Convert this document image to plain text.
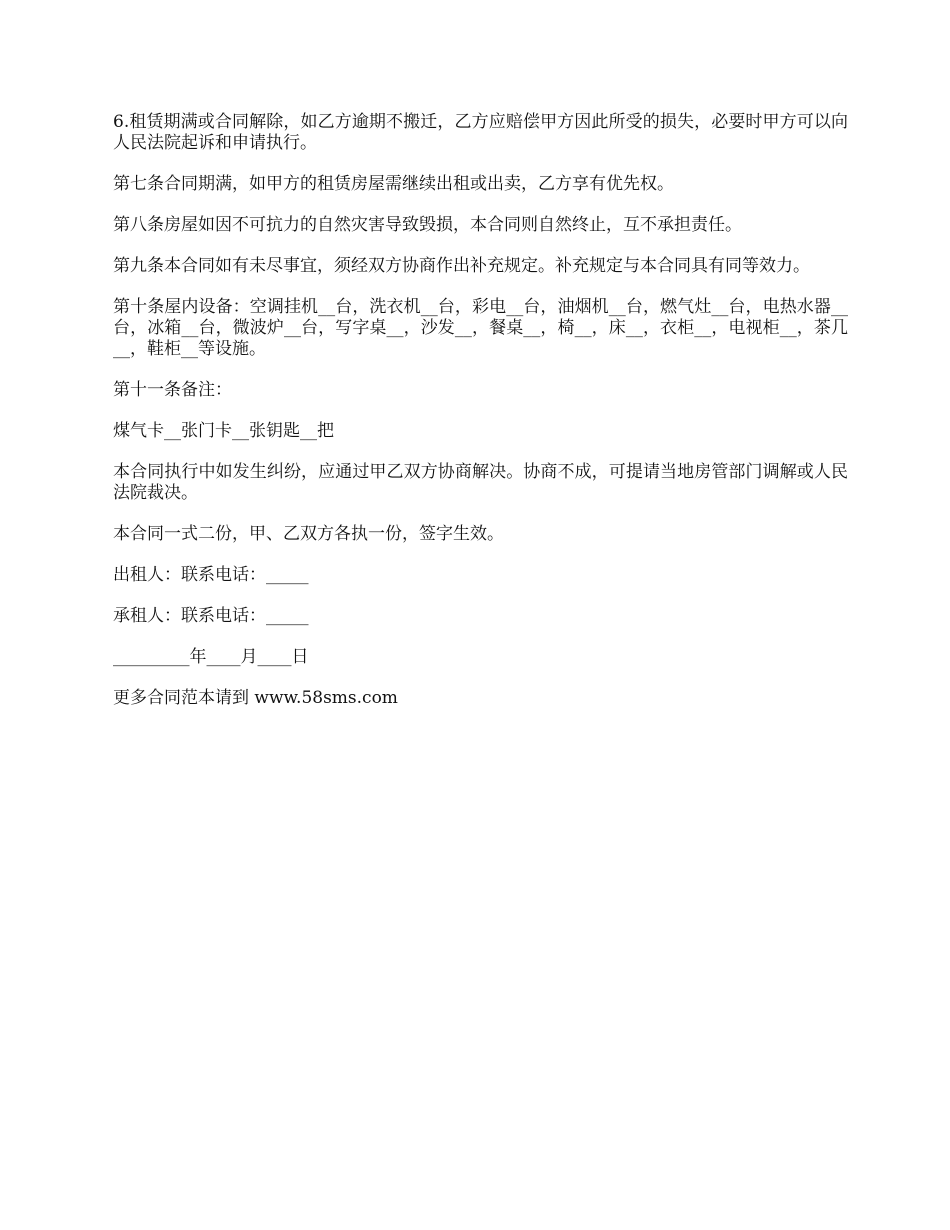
6.租赁期满或合同解除，如乙方逾期不搬迁，乙方应赔偿甲方因此所受的损失，必要时甲方可以向人民法院起诉和申请执行。

第七条合同期满，如甲方的租赁房屋需继续出租或出卖，乙方享有优先权。

第八条房屋如因不可抗力的自然灾害导致毁损，本合同则自然终止，互不承担责任。

第九条本合同如有未尽事宜，须经双方协商作出补充规定。补充规定与本合同具有同等效力。

第十条屋内设备：空调挂机__台，洗衣机__台，彩电__台，油烟机__台，燃气灶__台，电热水器__台，冰箱__台，微波炉__台，写字桌__，沙发__，餐桌__，椅__，床__，衣柜__，电视柜__，茶几__，鞋柜__等设施。

第十一条备注：

煤气卡__张门卡__张钥匙__把

本合同执行中如发生纠纷，应通过甲乙双方协商解决。协商不成，可提请当地房管部门调解或人民法院裁决。

本合同一式二份，甲、乙双方各执一份，签字生效。

出租人：联系电话：_____

承租人：联系电话：_____

_________年____月____日

更多合同范本请到 www.58sms.com
